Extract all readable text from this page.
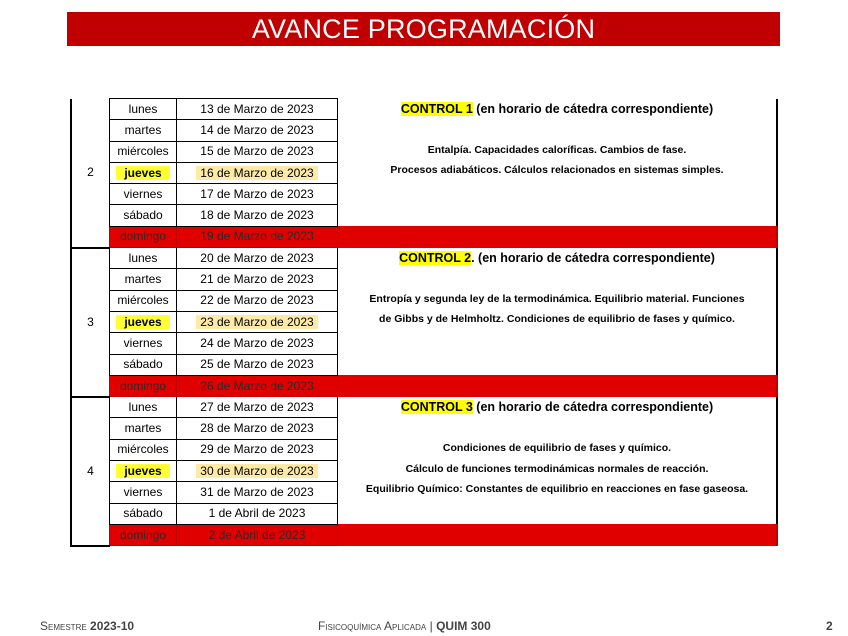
AVANCE PROGRAMACIÓN
2	lunes	13 de Marzo de 2023	CONTROL 1 (en horario de cátedra correspondiente)
	martes	14 de Marzo de 2023	Entalpía. Capacidades caloríficas. Cambios de fase.
Procesos adiabáticos. Cálculos relacionados en sistemas simples.

	miércoles	15 de Marzo de 2023	
	jueves	16 de Marzo de 2023	
	viernes	17 de Marzo de 2023	
	sábado	18 de Marzo de 2023	
	domingo	19 de Marzo de 2023	
3	lunes	20 de Marzo de 2023	CONTROL 2. (en horario de cátedra correspondiente)
	martes	21 de Marzo de 2023	Entropía y segunda ley de la termodinámica. Equilibrio material. Funciones
de Gibbs y de Helmholtz. Condiciones de equilibrio de fases y químico.

	miércoles	22 de Marzo de 2023	
	jueves	23 de Marzo de 2023	
	viernes	24 de Marzo de 2023	
	sábado	25 de Marzo de 2023	
	domingo	26 de Marzo de 2023	
4	lunes	27 de Marzo de 2023	CONTROL 3 (en horario de cátedra correspondiente)
	martes	28 de Marzo de 2023	Condiciones de equilibrio de fases y químico.
Cálculo de funciones termodinámicas normales de reacción.
Equilibrio Químico: Constantes de equilibrio en reacciones en fase gaseosa.

	miércoles	29 de Marzo de 2023	
	jueves	30 de Marzo de 2023	
	viernes	31 de Marzo de 2023	
	sábado	1 de Abril de 2023	
	domingo	2 de Abril de 2023	
Semestre 2023-10	Fisicoquímica Aplicada | QUIM 300	2
